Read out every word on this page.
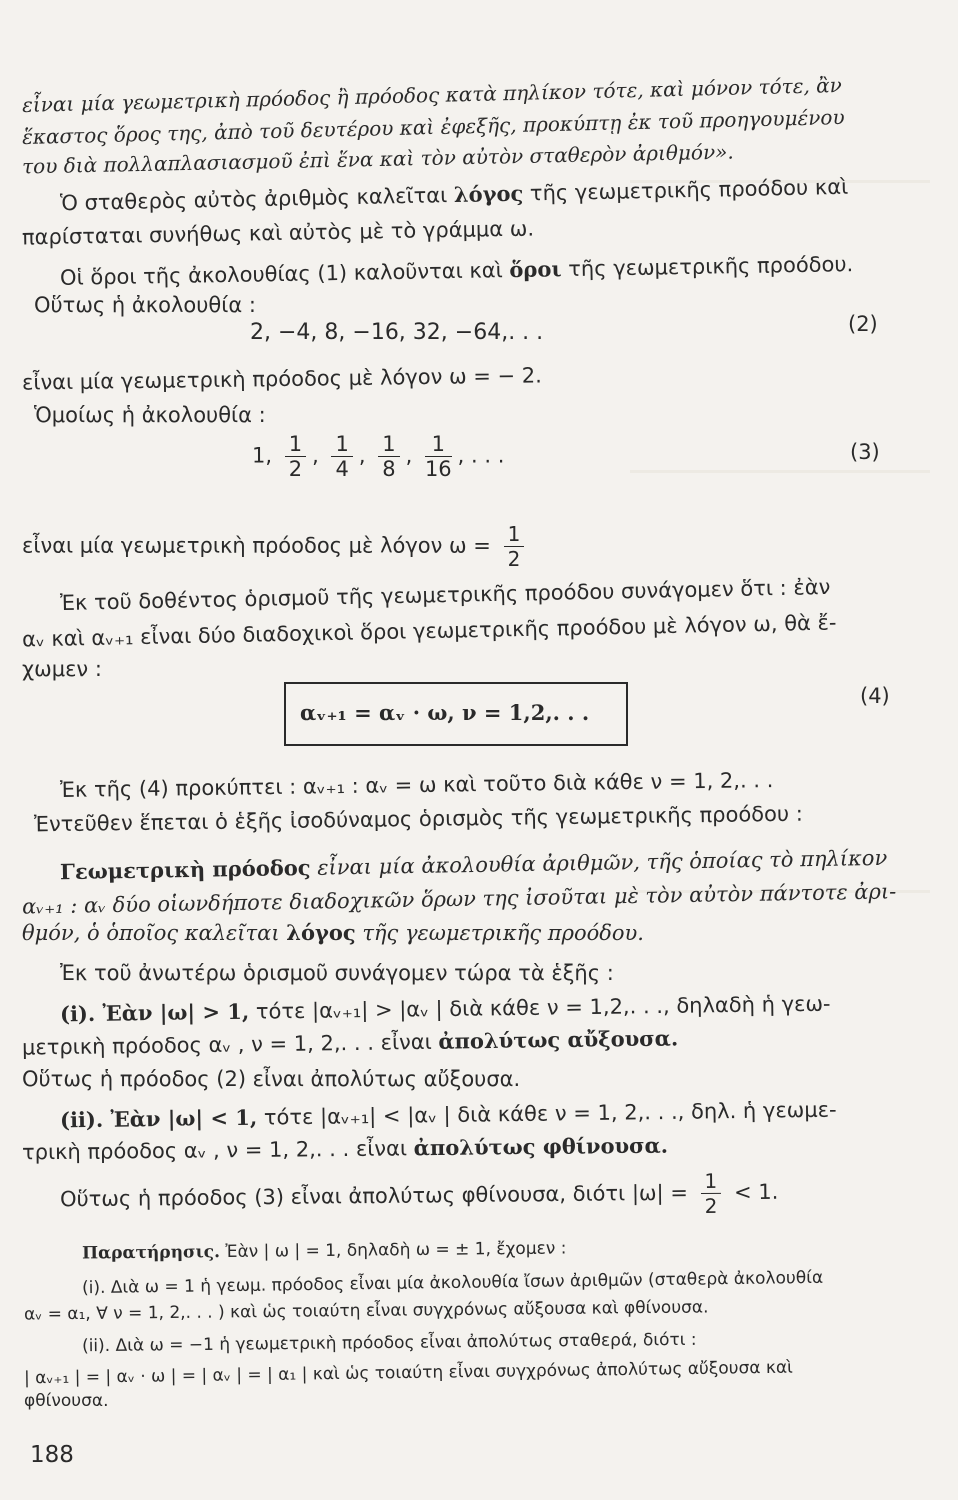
εἶναι μία γεωμετρικὴ πρόοδος ἢ πρόοδος κατὰ πηλίκον τότε, καὶ μόνον τότε, ἂν
ἕκαστος ὅρος της, ἀπὸ τοῦ δευτέρου καὶ ἐφεξῆς, προκύπτῃ ἐκ τοῦ προηγουμένου
του διὰ πολλαπλασιασμοῦ ἐπὶ ἕνα καὶ τὸν αὐτὸν σταθερὸν ἀριθμόν».
Ὁ σταθερὸς αὐτὸς ἀριθμὸς καλεῖται λόγος τῆς γεωμετρικῆς προόδου καὶ
παρίσταται συνήθως καὶ αὐτὸς μὲ τὸ γράμμα ω.
Οἱ ὅροι τῆς ἀκολουθίας (1) καλοῦνται καὶ ὅροι τῆς γεωμετρικῆς προόδου.
Οὕτως ἡ ἀκολουθία :
2, −4, 8, −16, 32, −64,. . .	(2)
εἶναι μία γεωμετρικὴ πρόοδος μὲ λόγον ω = − 2.
Ὁμοίως ἡ ἀκολουθία :
1, $\frac{1}{2}$ , $\frac{1}{4}$ , $\frac{1}{8}$ , $\frac{1}{16}$ , . . .	(3)
εἶναι μία γεωμετρικὴ πρόοδος μὲ λόγον $\omega = \frac{1}{2}$
Ἐκ τοῦ δοθέντος ὁρισμοῦ τῆς γεωμετρικῆς προόδου συνάγομεν ὅτι : ἐὰν
αᵥ καὶ αᵥ₊₁ εἶναι δύο διαδοχικοὶ ὅροι γεωμετρικῆς προόδου μὲ λόγον ω, θὰ ἔ-
χωμεν :
αᵥ₊₁ = αᵥ · ω, ν = 1,2,. . .
(4)
Ἐκ τῆς (4) προκύπτει : αᵥ₊₁ : αᵥ = ω καὶ τοῦτο διὰ κάθε ν = 1, 2,. . .
Ἐντεῦθεν ἕπεται ὁ ἑξῆς ἰσοδύναμος ὁρισμὸς τῆς γεωμετρικῆς προόδου :
Γεωμετρικὴ πρόοδος εἶναι μία ἀκολουθία ἀριθμῶν, τῆς ὁποίας τὸ πηλίκον
αᵥ₊₁ : αᵥ δύο οἱωνδήποτε διαδοχικῶν ὅρων της ἰσοῦται μὲ τὸν αὐτὸν πάντοτε ἀρι-
θμόν, ὁ ὁποῖος καλεῖται λόγος τῆς γεωμετρικῆς προόδου.
Ἐκ τοῦ ἀνωτέρω ὁρισμοῦ συνάγομεν τώρα τὰ ἑξῆς :
(i). Ἐὰν |ω| > 1, τότε |αᵥ₊₁| > |αᵥ | διὰ κάθε ν = 1,2,. . ., δηλαδὴ ἡ γεω-
μετρικὴ πρόοδος αᵥ , ν = 1, 2,. . . εἶναι ἀπολύτως αὔξουσα.
Οὕτως ἡ πρόοδος (2) εἶναι ἀπολύτως αὔξουσα.
(ii). Ἐὰν |ω| < 1, τότε |αᵥ₊₁| < |αᵥ | διὰ κάθε ν = 1, 2,. . ., δηλ. ἡ γεωμε-
τρικὴ πρόοδος αᵥ , ν = 1, 2,. . . εἶναι ἀπολύτως φθίνουσα.
Οὕτως ἡ πρόοδος (3) εἶναι ἀπολύτως φθίνουσα, διότι $|\omega| = \frac{1}{2} < 1$.
Παρατήρησις. Ἐὰν | ω | = 1, δηλαδὴ ω = ± 1, ἔχομεν :
(i). Διὰ ω = 1 ἡ γεωμ. πρόοδος εἶναι μία ἀκολουθία ἴσων ἀριθμῶν (σταθερὰ ἀκολουθία
αᵥ = α₁, ∀ ν = 1, 2,. . . ) καὶ ὡς τοιαύτη εἶναι συγχρόνως αὔξουσα καὶ φθίνουσα.
(ii). Διὰ ω = −1 ἡ γεωμετρικὴ πρόοδος εἶναι ἀπολύτως σταθερά, διότι :
| αᵥ₊₁ | = | αᵥ · ω | = | αᵥ | = | α₁ | καὶ ὡς τοιαύτη εἶναι συγχρόνως ἀπολύτως αὔξουσα καὶ
φθίνουσα.
188
